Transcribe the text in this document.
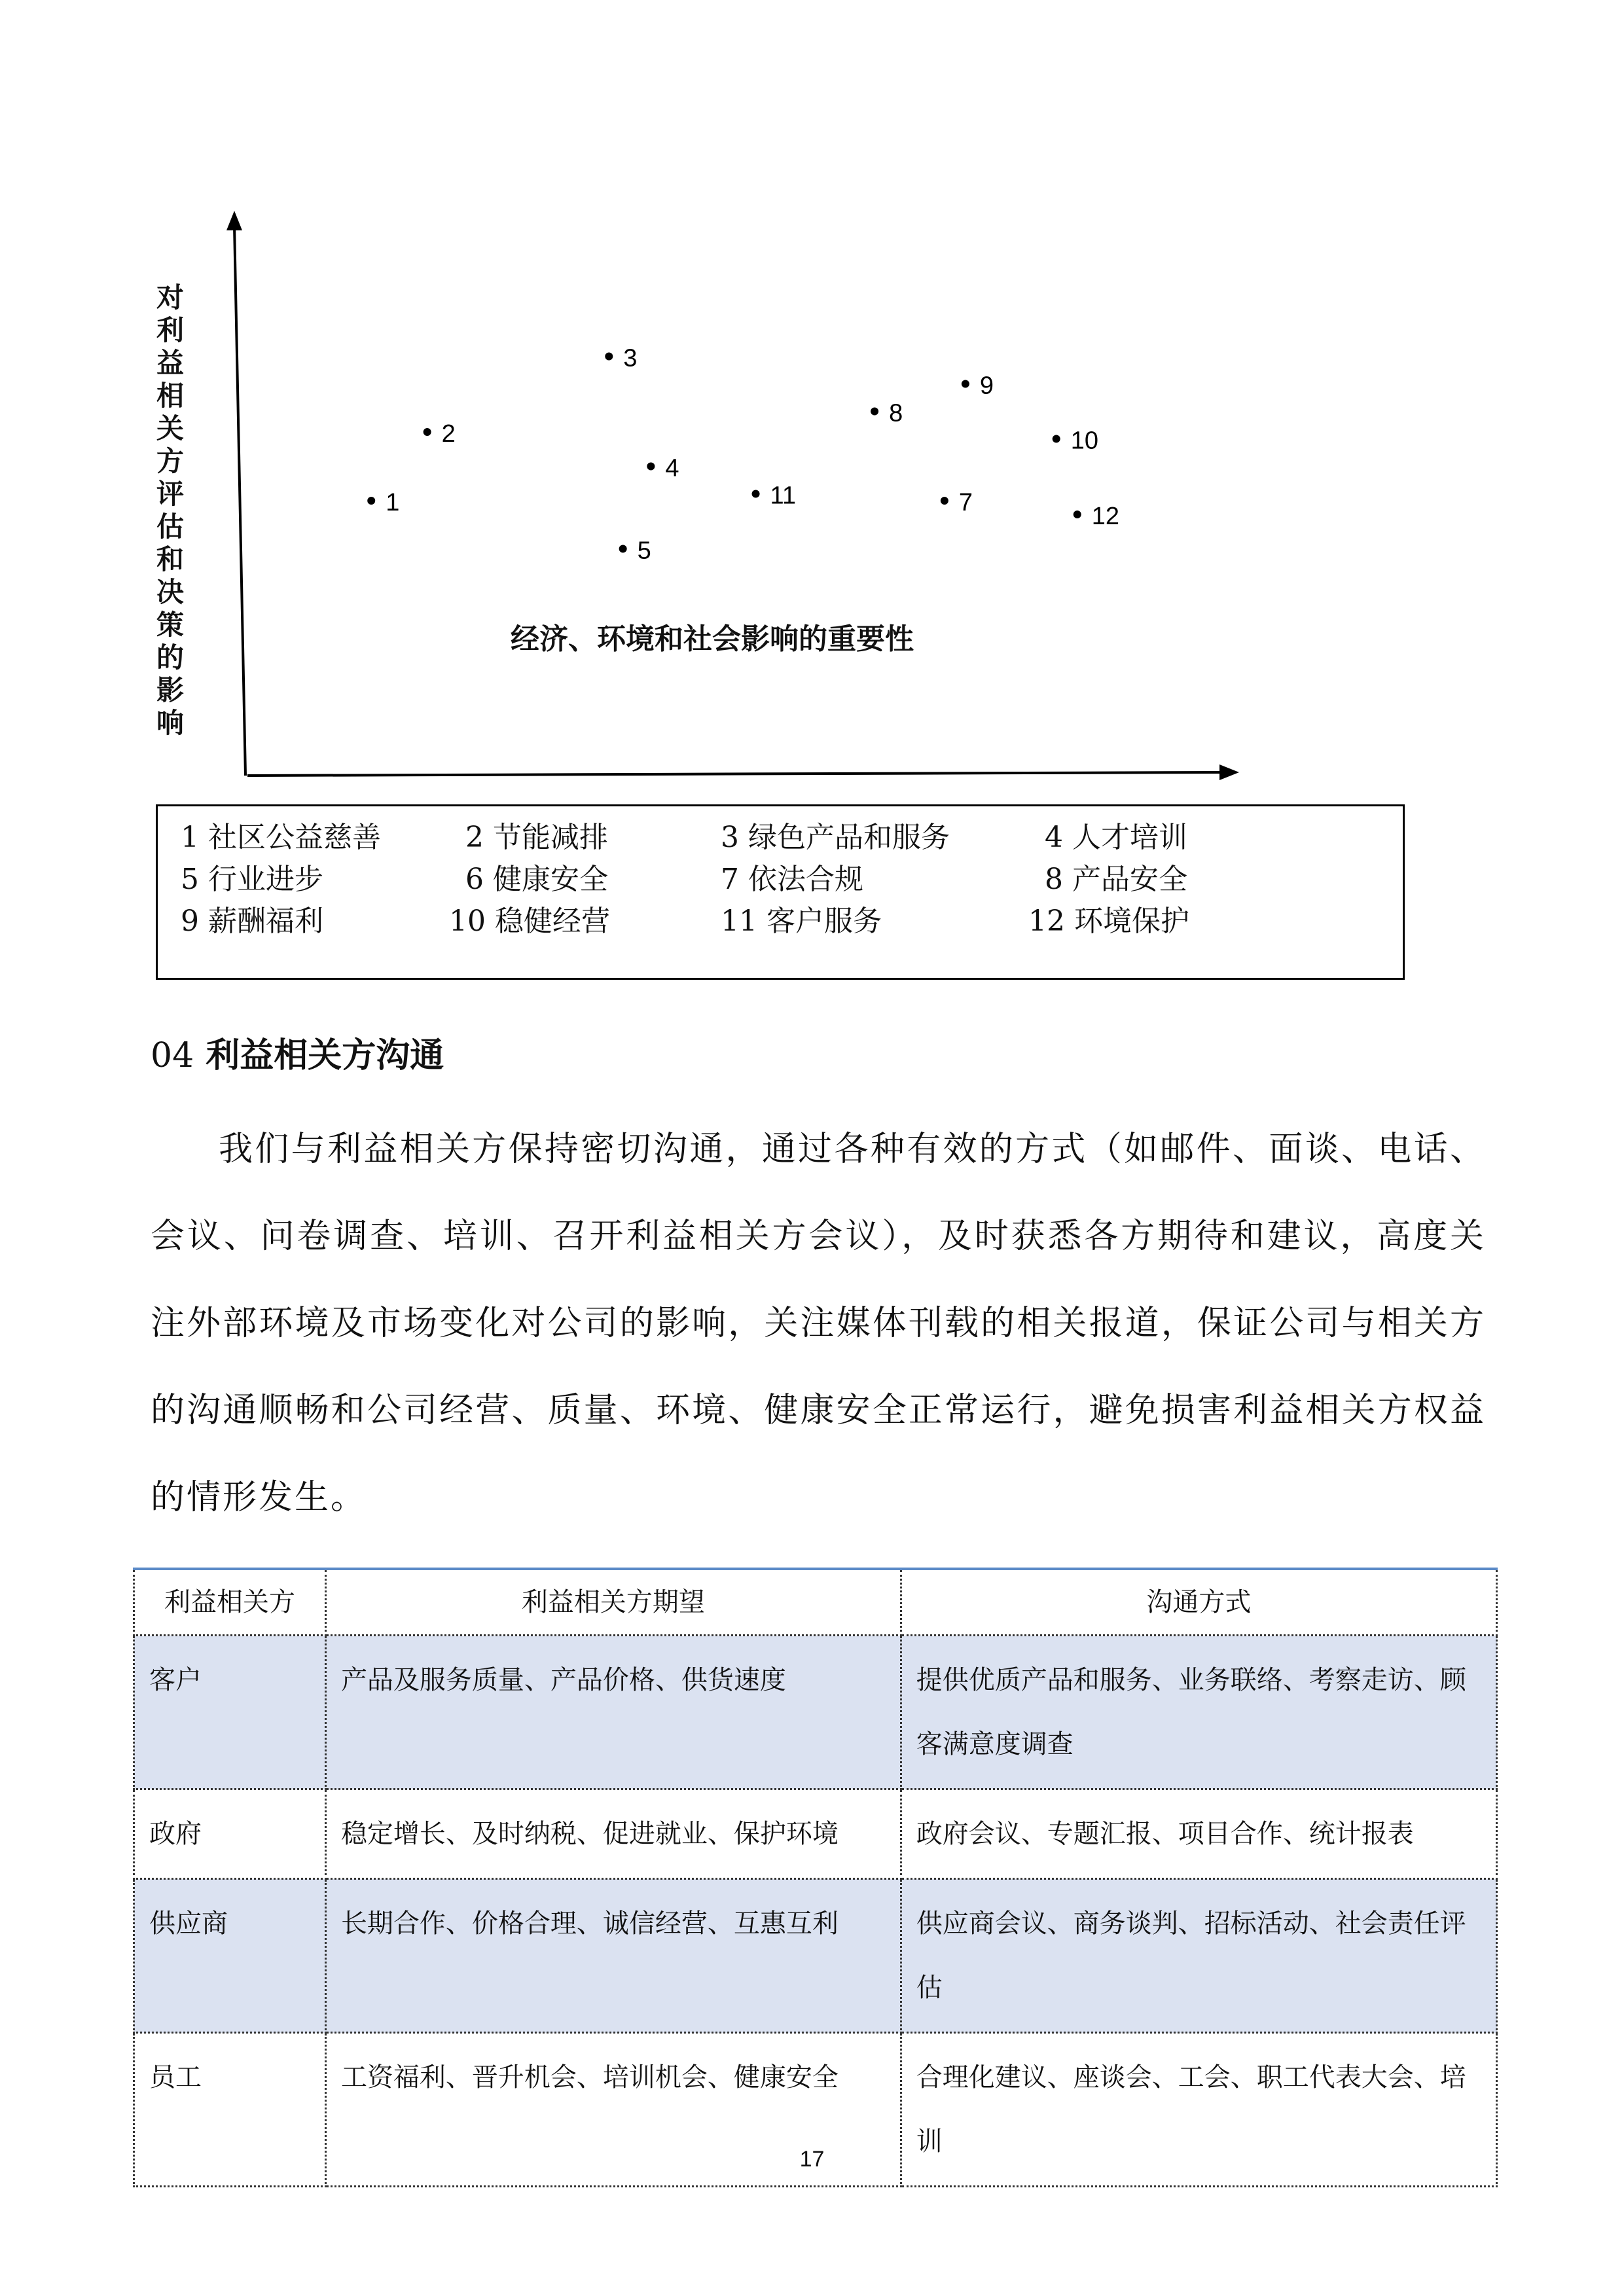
1
2
3
4
5
11
8
9
7
10
12
对利益相关方评估和决策的影响
经济、环境和社会影响的重要性
1 社区公益慈善	2 节能减排	3 绿色产品和服务	4 人才培训
5 行业进步	6 健康安全	7 依法合规	8 产品安全
9 薪酬福利	10 稳健经营	11 客户服务	12 环境保护
04 利益相关方沟通
我们与利益相关方保持密切沟通，通过各种有效的方式（如邮件、面谈、电话、会议、问卷调查、培训、召开利益相关方会议），及时获悉各方期待和建议，高度关注外部环境及市场变化对公司的影响，关注媒体刊载的相关报道，保证公司与相关方的沟通顺畅和公司经营、质量、环境、健康安全正常运行，避免损害利益相关方权益的情形发生。
利益相关方	利益相关方期望	沟通方式
客户	产品及服务质量、产品价格、供货速度	提供优质产品和服务、业务联络、考察走访、顾客满意度调查
政府	稳定增长、及时纳税、促进就业、保护环境	政府会议、专题汇报、项目合作、统计报表
供应商	长期合作、价格合理、诚信经营、互惠互利	供应商会议、商务谈判、招标活动、社会责任评估
员工	工资福利、晋升机会、培训机会、健康安全	合理化建议、座谈会、工会、职工代表大会、培训
17
